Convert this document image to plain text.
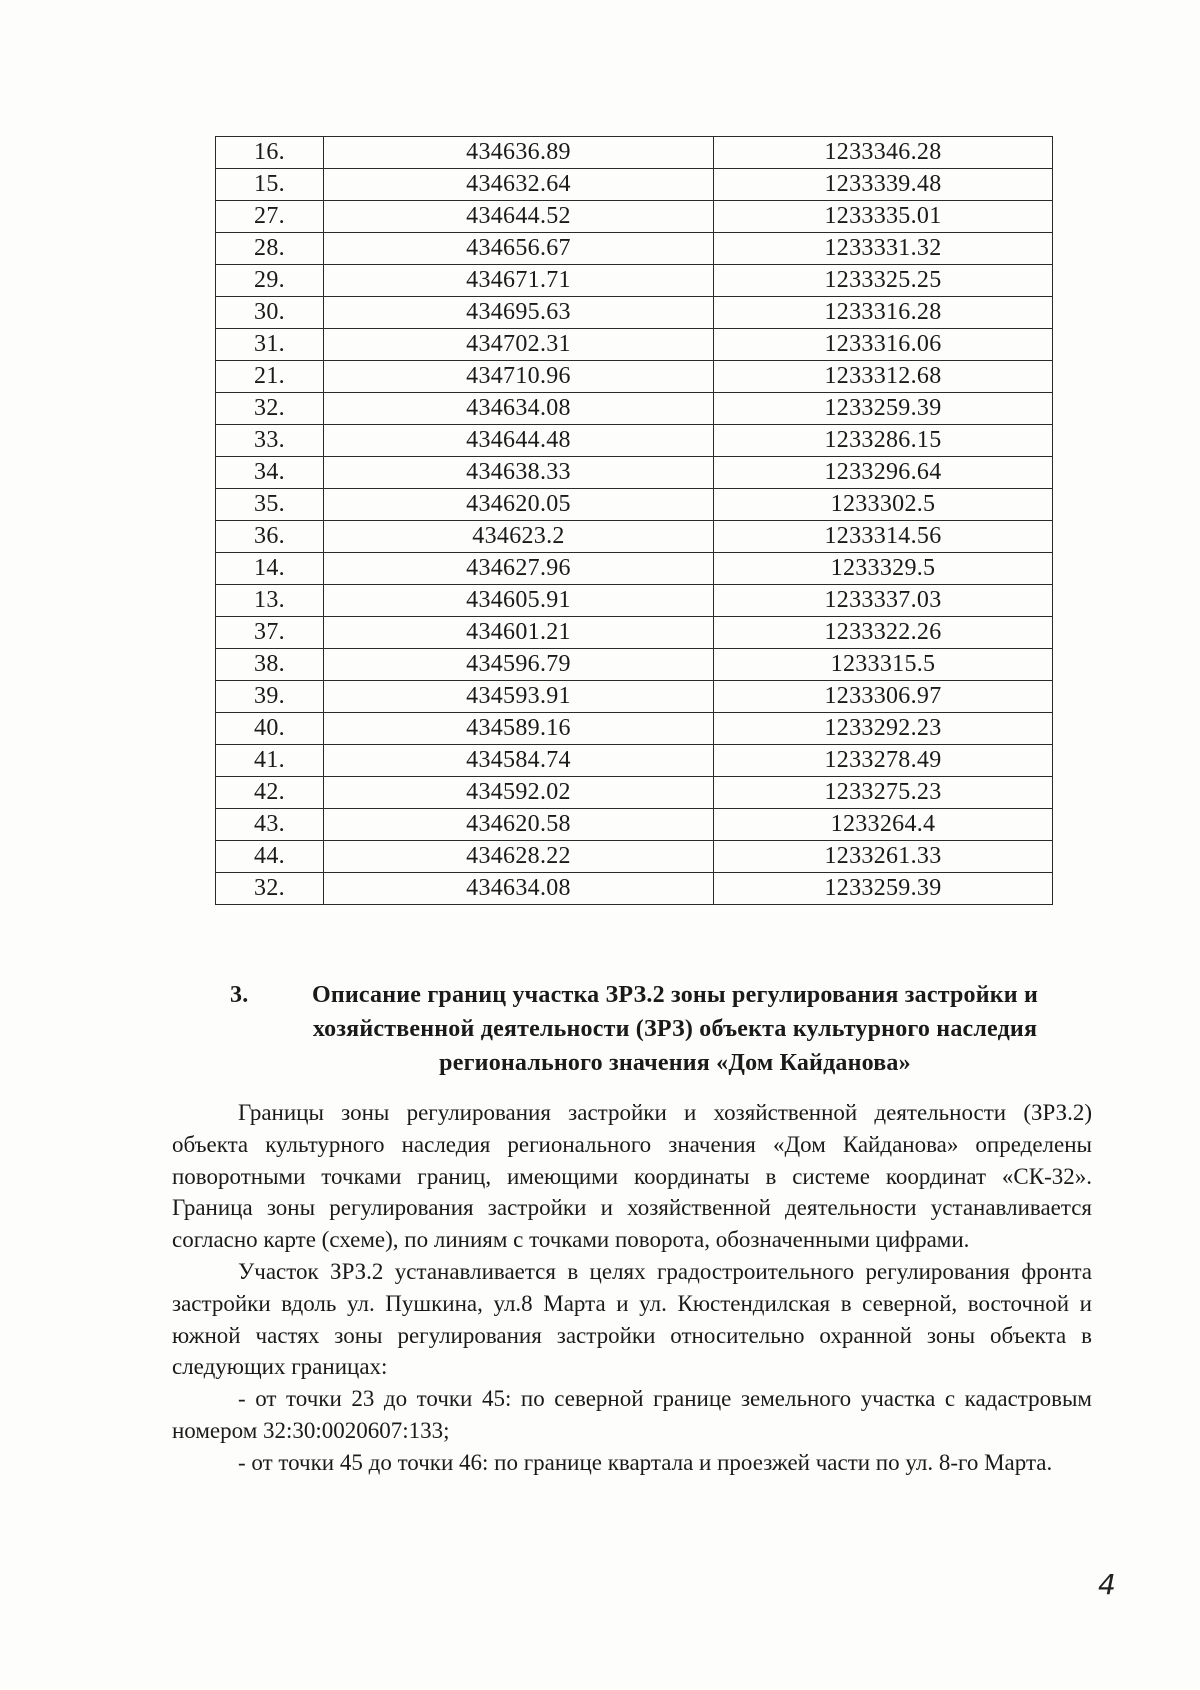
16.	434636.89	1233346.28
15.	434632.64	1233339.48
27.	434644.52	1233335.01
28.	434656.67	1233331.32
29.	434671.71	1233325.25
30.	434695.63	1233316.28
31.	434702.31	1233316.06
21.	434710.96	1233312.68
32.	434634.08	1233259.39
33.	434644.48	1233286.15
34.	434638.33	1233296.64
35.	434620.05	1233302.5
36.	434623.2	1233314.56
14.	434627.96	1233329.5
13.	434605.91	1233337.03
37.	434601.21	1233322.26
38.	434596.79	1233315.5
39.	434593.91	1233306.97
40.	434589.16	1233292.23
41.	434584.74	1233278.49
42.	434592.02	1233275.23
43.	434620.58	1233264.4
44.	434628.22	1233261.33
32.	434634.08	1233259.39
3.	Описание границ участка ЗРЗ.2 зоны регулирования застройки и
хозяйственной деятельности (ЗРЗ) объекта культурного наследия
регионального значения «Дом Кайданова»

Границы зоны регулирования застройки и хозяйственной деятельности (ЗРЗ.2) объекта культурного наследия регионального значения «Дом Кайданова» определены поворотными точками границ, имеющими координаты в системе координат «СК-32». Граница зоны регулирования застройки и хозяйственной деятельности устанавливается согласно карте (схеме), по линиям с точками поворота, обозначенными цифрами.

Участок ЗРЗ.2 устанавливается в целях градостроительного регулирования фронта застройки вдоль ул. Пушкина, ул.8 Марта и ул. Кюстендилская в северной, восточной и южной частях зоны регулирования застройки относительно охранной зоны объекта в следующих границах:

- от точки 23 до точки 45: по северной границе земельного участка с кадастровым номером 32:30:0020607:133;

- от точки 45 до точки 46: по границе квартала и проезжей части по ул. 8-го Марта.

4
